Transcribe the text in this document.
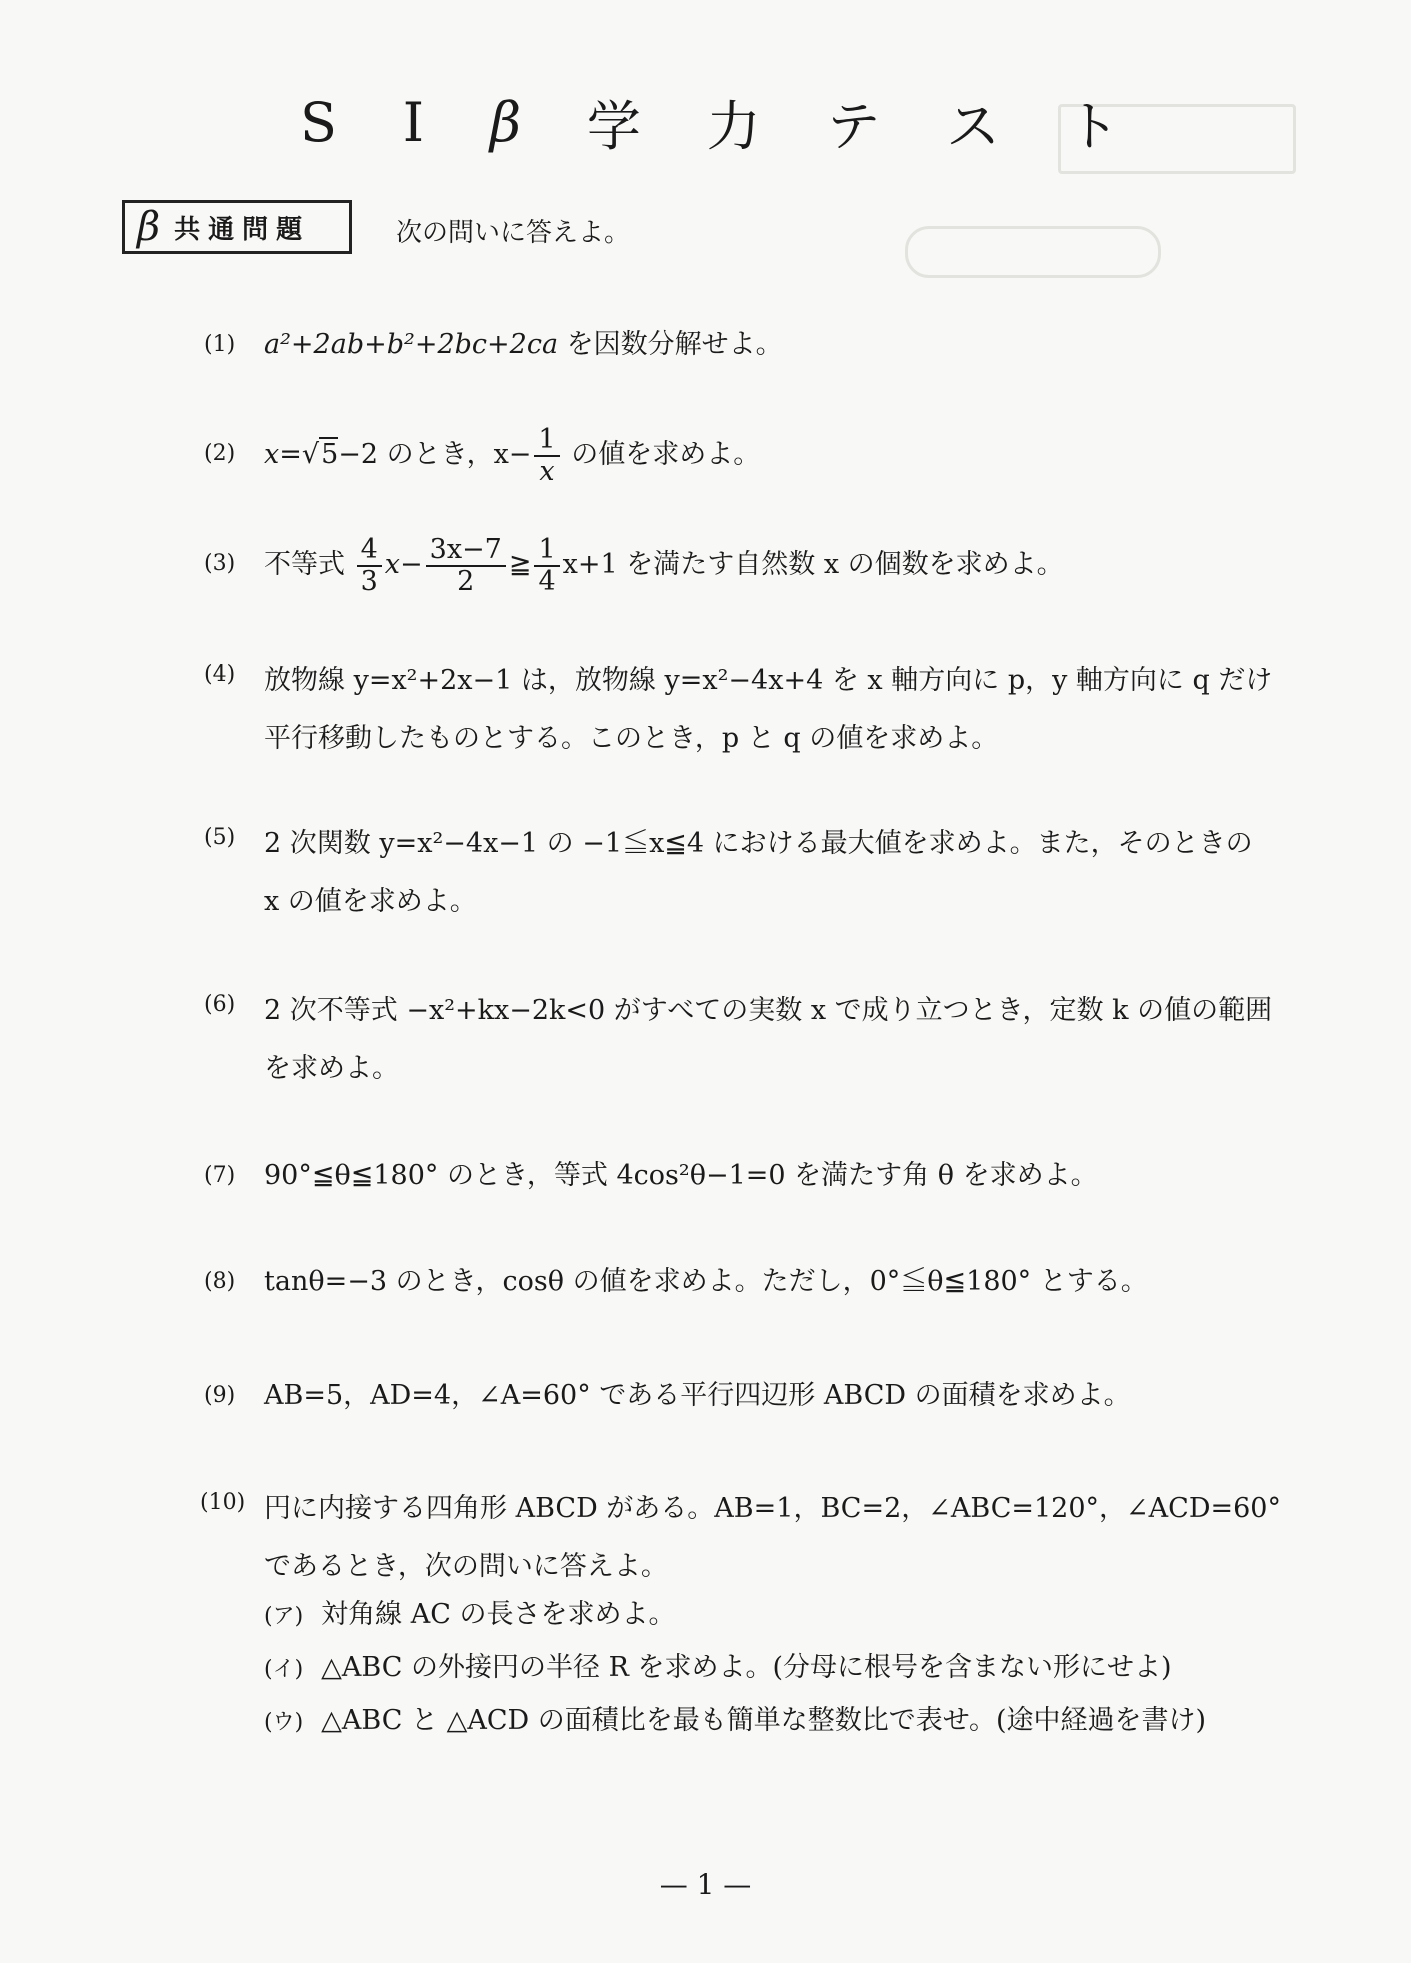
S I β 学 力 テ ス ト
β 共通問題	次の問いに答えよ。
(1) a²+2ab+b²+2bc+2ca を因数分解せよ。
(2) x=√5−2 のとき，$x- \frac{1}{x}$ の値を求めよ。
(3) 不等式 $\frac{4}{3} x- \frac{3x-7}{2}$ ≧ $\frac{1}{4} x+1$ を満たす自然数 x の個数を求めよ。
(4) 放物線 y=x²+2x−1 は，放物線 y=x²−4x+4 を x 軸方向に p，y 軸方向に q だけ
平行移動したものとする。このとき，p と q の値を求めよ。
(5) 2 次関数 y=x²−4x−1 の −1≦x≦4 における最大値を求めよ。また，そのときの
x の値を求めよ。
(6) 2 次不等式 −x²+kx−2k<0 がすべての実数 x で成り立つとき，定数 k の値の範囲
を求めよ。
(7) 90°≦θ≦180° のとき，等式 4cos²θ−1=0 を満たす角 θ を求めよ。
(8) tanθ=−3 のとき，cosθ の値を求めよ。ただし，0°≦θ≦180° とする。
(9) AB=5，AD=4，∠A=60° である平行四辺形 ABCD の面積を求めよ。
(10) 円に内接する四角形 ABCD がある。AB=1，BC=2，∠ABC=120°，∠ACD=60°
であるとき，次の問いに答えよ。
(ア) 対角線 AC の長さを求めよ。
(イ) △ABC の外接円の半径 R を求めよ。(分母に根号を含まない形にせよ)
(ウ) △ABC と △ACD の面積比を最も簡単な整数比で表せ。(途中経過を書け)
— 1 —
